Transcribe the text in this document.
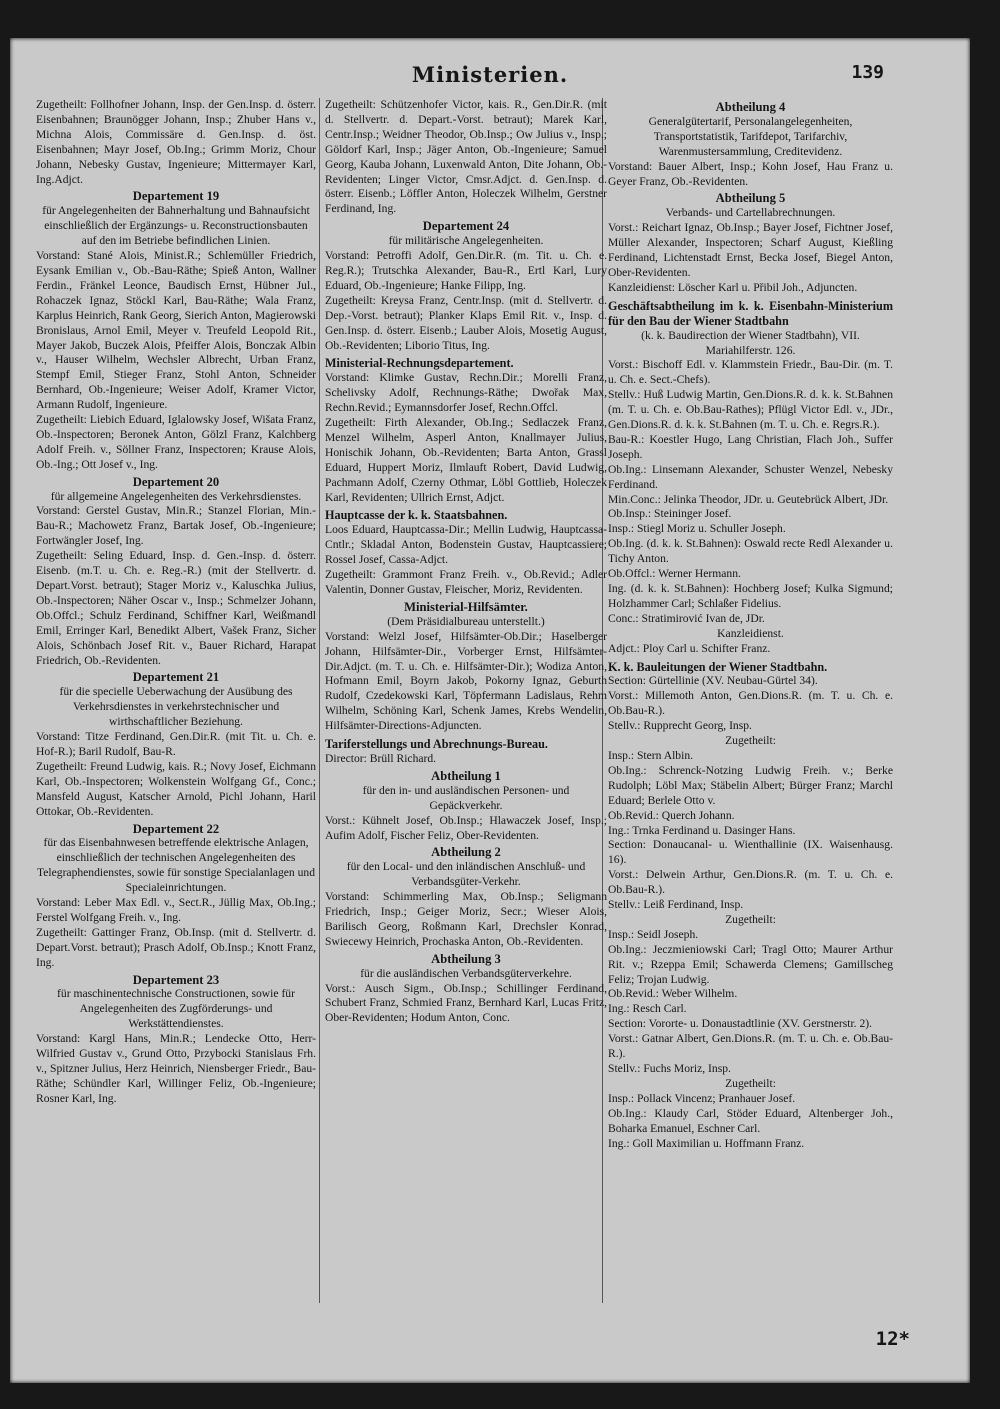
Ministerien.	139

Zugetheilt: Follhofner Johann, Insp. der Gen.Insp. d. österr. Eisenbahnen; Braunögger Johann, Insp.; Zhuber Hans v., Michna Alois, Commissäre d. Gen.Insp. d. öst. Eisenbahnen; Mayr Josef, Ob.Ing.; Grimm Moriz, Chour Johann, Nebesky Gustav, Ingenieure; Mittermayer Karl, Ing.Adjct.

Departement 19

für Angelegenheiten der Bahnerhaltung und Bahnaufsicht einschließlich der Ergänzungs- u. Reconstructionsbauten auf den im Betriebe befindlichen Linien.

Vorstand: Stané Alois, Minist.R.; Schlemüller Friedrich, Eysank Emilian v., Ob.-Bau-Räthe; Spieß Anton, Wallner Ferdin., Fränkel Leonce, Baudisch Ernst, Hübner Jul., Rohaczek Ignaz, Stöckl Karl, Bau-Räthe; Wala Franz, Karplus Heinrich, Rank Georg, Sierich Anton, Magierowski Bronislaus, Arnol Emil, Meyer v. Treufeld Leopold Rit., Mayer Jakob, Buczek Alois, Pfeiffer Alois, Bonczak Albin v., Hauser Wilhelm, Wechsler Albrecht, Urban Franz, Stempf Emil, Stieger Franz, Stohl Anton, Schneider Bernhard, Ob.-Ingenieure; Weiser Adolf, Kramer Victor, Armann Rudolf, Ingenieure.

Zugetheilt: Liebich Eduard, Iglalowsky Josef, Wišata Franz, Ob.-Inspectoren; Beronek Anton, Gölzl Franz, Kalchberg Adolf Freih. v., Söllner Franz, Inspectoren; Krause Alois, Ob.-Ing.; Ott Josef v., Ing.

Departement 20

für allgemeine Angelegenheiten des Verkehrsdienstes.

Vorstand: Gerstel Gustav, Min.R.; Stanzel Florian, Min.-Bau-R.; Machowetz Franz, Bartak Josef, Ob.-Ingenieure; Fortwängler Josef, Ing.

Zugetheilt: Seling Eduard, Insp. d. Gen.-Insp. d. österr. Eisenb. (m.T. u. Ch. e. Reg.-R.) (mit der Stellvertr. d. Depart.Vorst. betraut); Stager Moriz v., Kaluschka Julius, Ob.-Inspectoren; Näher Oscar v., Insp.; Schmelzer Johann, Ob.Offcl.; Schulz Ferdinand, Schiffner Karl, Weißmandl Emil, Erringer Karl, Benedikt Albert, Vašek Franz, Sicher Alois, Schönbach Josef Rit. v., Bauer Richard, Harapat Friedrich, Ob.-Revidenten.

Departement 21

für die specielle Ueberwachung der Ausübung des Verkehrsdienstes in verkehrstechnischer und wirthschaftlicher Beziehung.

Vorstand: Titze Ferdinand, Gen.Dir.R. (mit Tit. u. Ch. e. Hof-R.); Baril Rudolf, Bau-R.

Zugetheilt: Freund Ludwig, kais. R.; Novy Josef, Eichmann Karl, Ob.-Inspectoren; Wolkenstein Wolfgang Gf., Conc.; Mansfeld August, Katscher Arnold, Pichl Johann, Haril Ottokar, Ob.-Revidenten.

Departement 22

für das Eisenbahnwesen betreffende elektrische Anlagen, einschließlich der technischen Angelegenheiten des Telegraphendienstes, sowie für sonstige Specialanlagen und Specialeinrichtungen.

Vorstand: Leber Max Edl. v., Sect.R., Jüllig Max, Ob.Ing.; Ferstel Wolfgang Freih. v., Ing.

Zugetheilt: Gattinger Franz, Ob.Insp. (mit d. Stellvertr. d. Depart.Vorst. betraut); Prasch Adolf, Ob.Insp.; Knott Franz, Ing.

Departement 23

für maschinentechnische Constructionen, sowie für Angelegenheiten des Zugförderungs- und Werkstättendienstes.

Vorstand: Kargl Hans, Min.R.; Lendecke Otto, Herr-Wilfried Gustav v., Grund Otto, Przybocki Stanislaus Frh. v., Spitzner Julius, Herz Heinrich, Niensberger Friedr., Bau-Räthe; Schündler Karl, Willinger Feliz, Ob.-Ingenieure; Rosner Karl, Ing.

Zugetheilt: Schützenhofer Victor, kais. R., Gen.Dir.R. (mit d. Stellvertr. d. Depart.-Vorst. betraut); Marek Karl, Centr.Insp.; Weidner Theodor, Ob.Insp.; Ow Julius v., Insp.; Göldorf Karl, Insp.; Jäger Anton, Ob.-Ingenieure; Samuel Georg, Kauba Johann, Luxenwald Anton, Dite Johann, Ob.-Revidenten; Linger Victor, Cmsr.Adjct. d. Gen.Insp. d. österr. Eisenb.; Löffler Anton, Holeczek Wilhelm, Gerstner Ferdinand, Ing.

Departement 24

für militärische Angelegenheiten.

Vorstand: Petroffi Adolf, Gen.Dir.R. (m. Tit. u. Ch. e. Reg.R.); Trutschka Alexander, Bau-R., Ertl Karl, Lury Eduard, Ob.-Ingenieure; Hanke Filipp, Ing.

Zugetheilt: Kreysa Franz, Centr.Insp. (mit d. Stellvertr. d. Dep.-Vorst. betraut); Planker Klaps Emil Rit. v., Insp. d. Gen.Insp. d. österr. Eisenb.; Lauber Alois, Mosetig August, Ob.-Revidenten; Liborio Titus, Ing.

Ministerial-Rechnungsdepartement.

Vorstand: Klimke Gustav, Rechn.Dir.; Morelli Franz, Schelivsky Adolf, Rechnungs-Räthe; Dwořak Max, Rechn.Revid.; Eymannsdorfer Josef, Rechn.Offcl.

Zugetheilt: Firth Alexander, Ob.Ing.; Sedlaczek Franz, Menzel Wilhelm, Asperl Anton, Knallmayer Julius, Honischik Johann, Ob.-Revidenten; Barta Anton, Grassl Eduard, Huppert Moriz, Ilmlauft Robert, David Ludwig, Pachmann Adolf, Czerny Othmar, Löbl Gottlieb, Holeczek Karl, Revidenten; Ullrich Ernst, Adjct.

Hauptcasse der k. k. Staatsbahnen.

Loos Eduard, Hauptcassa-Dir.; Mellin Ludwig, Hauptcassa-Cntlr.; Skladal Anton, Bodenstein Gustav, Hauptcassiere; Rossel Josef, Cassa-Adjct.

Zugetheilt: Grammont Franz Freih. v., Ob.Revid.; Adler Valentin, Donner Gustav, Fleischer, Moriz, Revidenten.

Ministerial-Hilfsämter.

(Dem Präsidialbureau unterstellt.)

Vorstand: Welzl Josef, Hilfsämter-Ob.Dir.; Haselberger Johann, Hilfsämter-Dir., Vorberger Ernst, Hilfsämter-Dir.Adjct. (m. T. u. Ch. e. Hilfsämter-Dir.); Wodiza Anton, Hofmann Emil, Boyrn Jakob, Pokorny Ignaz, Geburth Rudolf, Czedekowski Karl, Töpfermann Ladislaus, Rehm Wilhelm, Schöning Karl, Schenk James, Krebs Wendelin, Hilfsämter-Directions-Adjuncten.

Tariferstellungs und Abrechnungs-Bureau.

Director: Brüll Richard.

Abtheilung 1

für den in- und ausländischen Personen- und Gepäckverkehr.

Vorst.: Kühnelt Josef, Ob.Insp.; Hlawaczek Josef, Insp.; Aufim Adolf, Fischer Feliz, Ober-Revidenten.

Abtheilung 2

für den Local- und den inländischen Anschluß- und Verbandsgüter-Verkehr.

Vorstand: Schimmerling Max, Ob.Insp.; Seligmann Friedrich, Insp.; Geiger Moriz, Secr.; Wieser Alois, Barilisch Georg, Roßmann Karl, Drechsler Konrad, Swiecewy Heinrich, Prochaska Anton, Ob.-Revidenten.

Abtheilung 3

für die ausländischen Verbandsgüterverkehre.

Vorst.: Ausch Sigm., Ob.Insp.; Schillinger Ferdinand, Schubert Franz, Schmied Franz, Bernhard Karl, Lucas Fritz, Ober-Revidenten; Hodum Anton, Conc.

Abtheilung 4

Generalgütertarif, Personalangelegenheiten, Transportstatistik, Tarifdepot, Tarifarchiv, Warenmustersammlung, Creditevidenz.

Vorstand: Bauer Albert, Insp.; Kohn Josef, Hau Franz u. Geyer Franz, Ob.-Revidenten.

Abtheilung 5

Verbands- und Cartellabrechnungen.

Vorst.: Reichart Ignaz, Ob.Insp.; Bayer Josef, Fichtner Josef, Müller Alexander, Inspectoren; Scharf August, Kießling Ferdinand, Lichtenstadt Ernst, Becka Josef, Biegel Anton, Ober-Revidenten.

Kanzleidienst: Löscher Karl u. Přibil Joh., Adjuncten.

Geschäftsabtheilung im k. k. Eisenbahn-Ministerium für den Bau der Wiener Stadtbahn

(k. k. Baudirection der Wiener Stadtbahn), VII. Mariahilferstr. 126.

Vorst.: Bischoff Edl. v. Klammstein Friedr., Bau-Dir. (m. T. u. Ch. e. Sect.-Chefs).

Stellv.: Huß Ludwig Martin, Gen.Dions.R. d. k. k. St.Bahnen (m. T. u. Ch. e. Ob.Bau-Rathes); Pflügl Victor Edl. v., JDr., Gen.Dions.R. d. k. k. St.Bahnen (m. T. u. Ch. e. Regrs.R.).

Bau-R.: Koestler Hugo, Lang Christian, Flach Joh., Suffer Joseph.

Ob.Ing.: Linsemann Alexander, Schuster Wenzel, Nebesky Ferdinand.

Min.Conc.: Jelinka Theodor, JDr. u. Geutebrück Albert, JDr.

Ob.Insp.: Steininger Josef.

Insp.: Stiegl Moriz u. Schuller Joseph.

Ob.Ing. (d. k. k. St.Bahnen): Oswald recte Redl Alexander u. Tichy Anton.

Ob.Offcl.: Werner Hermann.

Ing. (d. k. k. St.Bahnen): Hochberg Josef; Kulka Sigmund; Holzhammer Carl; Schlaßer Fidelius.

Conc.: Stratimirović Ivan de, JDr.

Kanzleidienst.

Adjct.: Ploy Carl u. Schifter Franz.

K. k. Bauleitungen der Wiener Stadtbahn.

Section: Gürtellinie (XV. Neubau-Gürtel 34).

Vorst.: Millemoth Anton, Gen.Dions.R. (m. T. u. Ch. e. Ob.Bau-R.).

Stellv.: Rupprecht Georg, Insp.

Zugetheilt:

Insp.: Stern Albin.

Ob.Ing.: Schrenck-Notzing Ludwig Freih. v.; Berke Rudolph; Löbl Max; Stäbelin Albert; Bürger Franz; Marchl Eduard; Berlele Otto v.

Ob.Revid.: Querch Johann.

Ing.: Trnka Ferdinand u. Dasinger Hans.

Section: Donaucanal- u. Wienthallinie (IX. Waisenhausg. 16).

Vorst.: Delwein Arthur, Gen.Dions.R. (m. T. u. Ch. e. Ob.Bau-R.).

Stellv.: Leiß Ferdinand, Insp.

Zugetheilt:

Insp.: Seidl Joseph.

Ob.Ing.: Jeczmieniowski Carl; Tragl Otto; Maurer Arthur Rit. v.; Rzeppa Emil; Schawerda Clemens; Gamillscheg Feliz; Trojan Ludwig.

Ob.Revid.: Weber Wilhelm.

Ing.: Resch Carl.

Section: Vororte- u. Donaustadtlinie (XV. Gerstnerstr. 2).

Vorst.: Gatnar Albert, Gen.Dions.R. (m. T. u. Ch. e. Ob.Bau-R.).

Stellv.: Fuchs Moriz, Insp.

Zugetheilt:

Insp.: Pollack Vincenz; Pranhauer Josef.

Ob.Ing.: Klaudy Carl, Stöder Eduard, Altenberger Joh., Boharka Emanuel, Eschner Carl.

Ing.: Goll Maximilian u. Hoffmann Franz.

12*
